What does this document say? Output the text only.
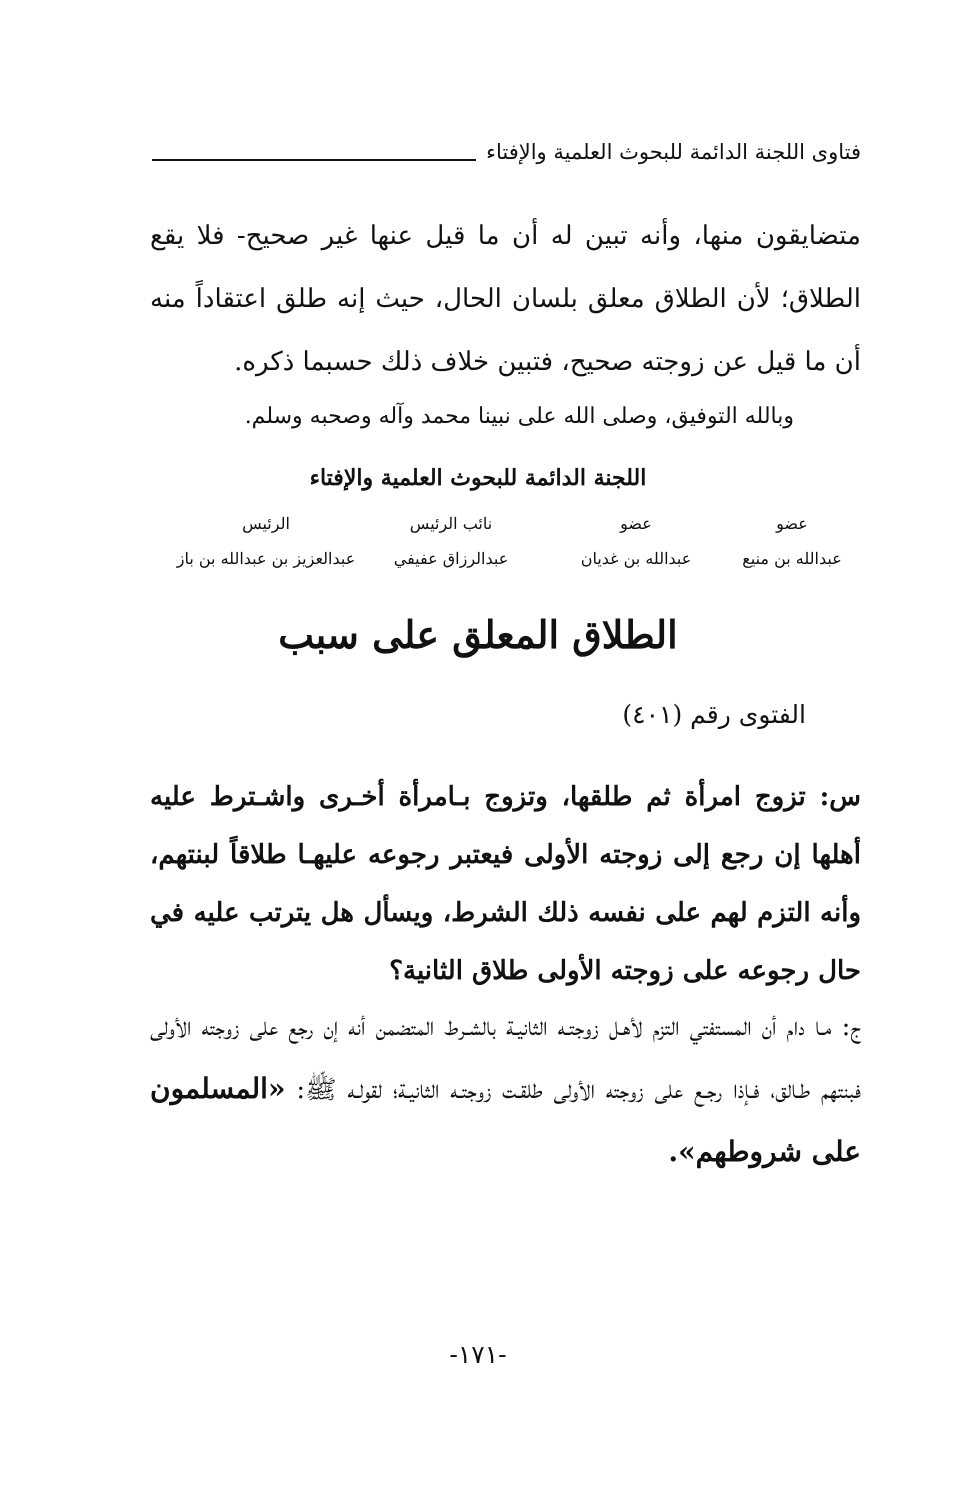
فتاوى اللجنة الدائمة للبحوث العلمية والإفتاء

متضايقون منها، وأنه تبين له أن ما قيل عنها غير صحيح- فلا يقع الطلاق؛ لأن الطلاق معلق بلسان الحال، حيث إنه طلق اعتقاداً منه أن ما قيل عن زوجته صحيح، فتبين خلاف ذلك حسبما ذكره.

وبالله التوفيق، وصلى الله على نبينا محمد وآله وصحبه وسلم.
اللجنة الدائمة للبحوث العلمية والإفتاء
عضو
عبدالله بن منيع
عضو
عبدالله بن غديان
نائب الرئيس
عبدالرزاق عفيفي
الرئيس
عبدالعزيز بن عبدالله بن باز
الطلاق المعلق على سبب
الفتوى رقم (٤٠١)

س: تزوج امرأة ثم طلقها، وتزوج بـامرأة أخـرى واشـترط عليه أهلها إن رجع إلى زوجته الأولى فيعتبر رجوعه عليهـا طلاقاً لبنتهم، وأنه التزم لهم على نفسه ذلك الشرط، ويسأل هل يترتب عليه في حال رجوعه على زوجته الأولى طلاق الثانية؟

ج: مـا دام أن المستفتي التزم لأهـل زوجتـه الثانيـة بالشـرط المتضمن أنه إن رجع على زوجته الأولى فبنتهم طـالق، فـإذا رجـع على زوجته الأولى طلقـت زوجتـه الثانيـة؛ لقولـه ﷺ: «المسلمون على شروطهم».

-١٧١-
